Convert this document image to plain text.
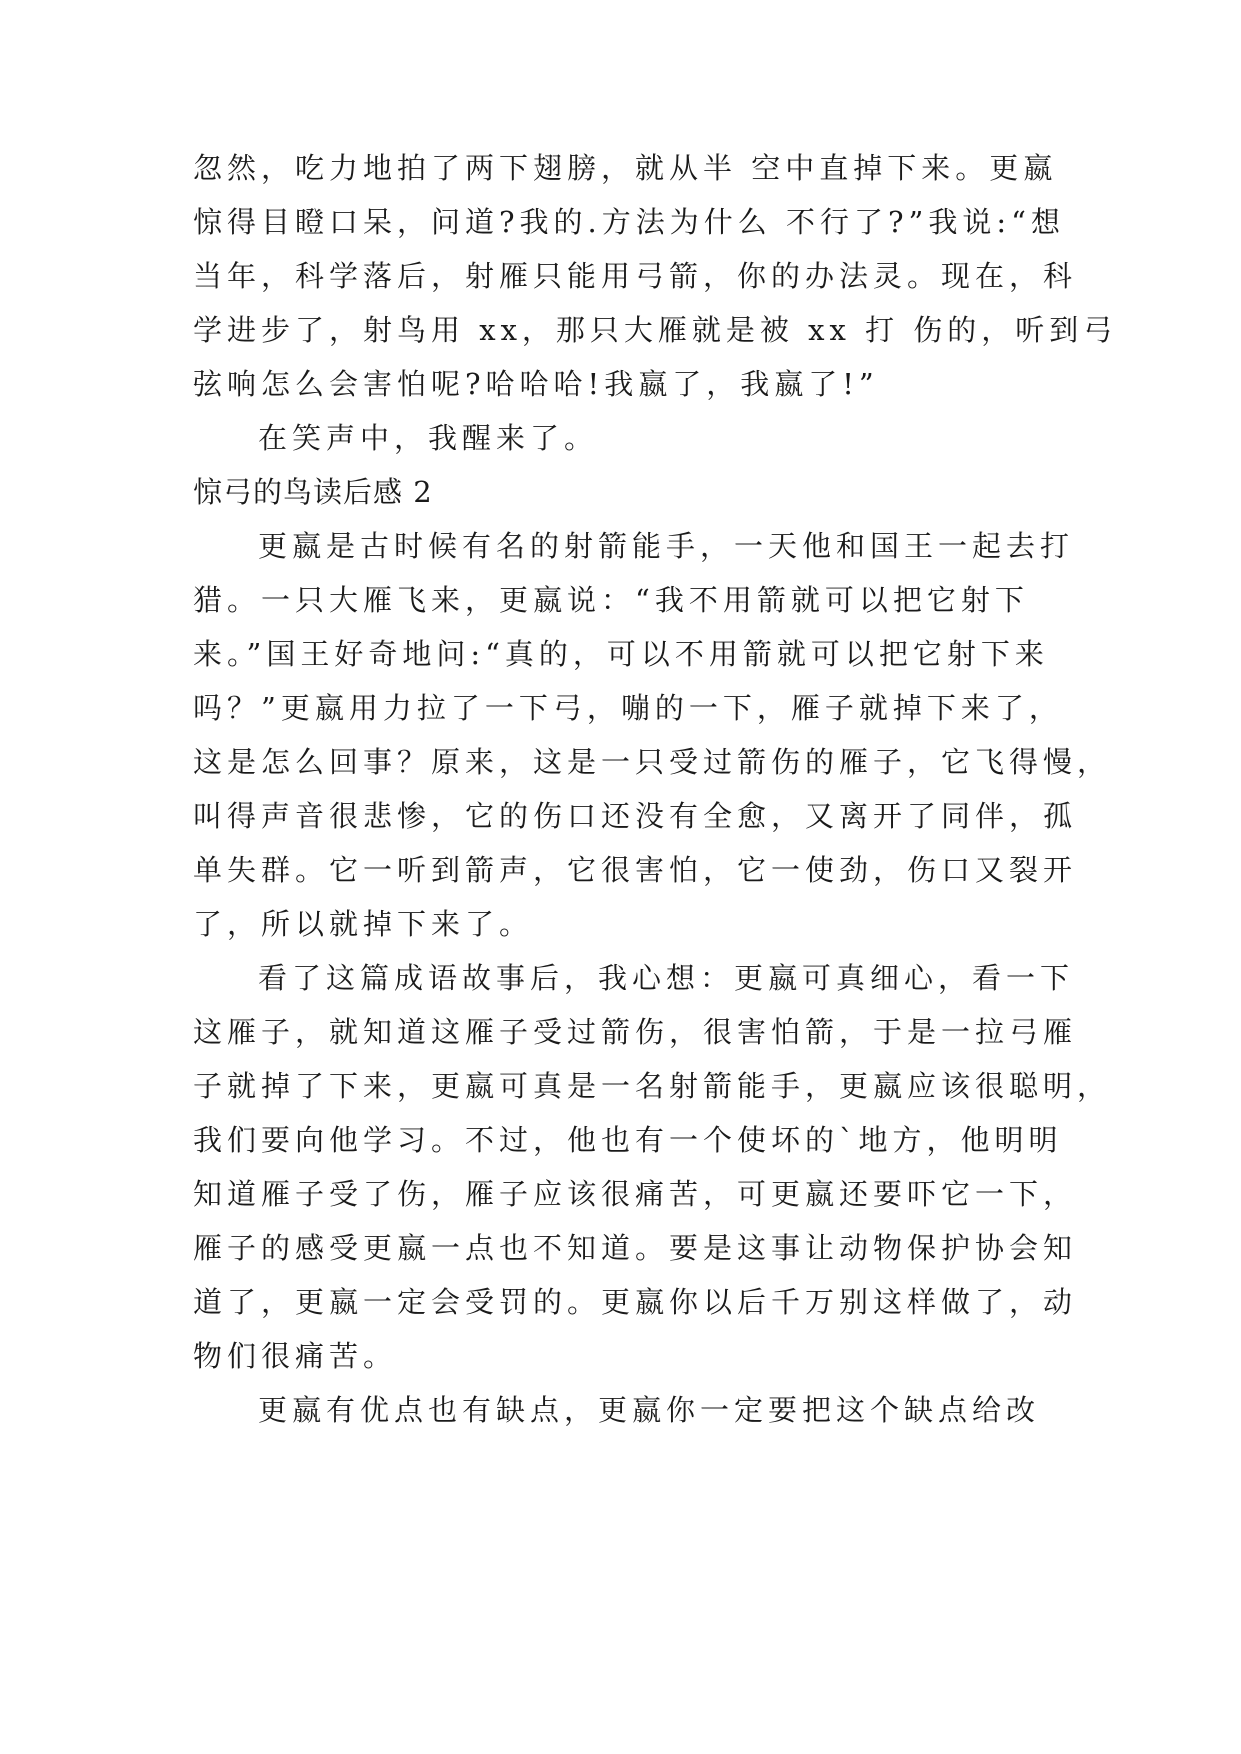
忽然，吃力地拍了两下翅膀，就从半 空中直掉下来。更嬴

惊得目瞪口呆，问道?我的.方法为什么 不行了?”我说:“想

当年，科学落后，射雁只能用弓箭，你的办法灵。现在，科

学进步了，射鸟用 xx，那只大雁就是被 xx 打 伤的，听到弓

弦响怎么会害怕呢?哈哈哈!我嬴了，我嬴了!”

在笑声中，我醒来了。

惊弓的鸟读后感 2

更嬴是古时候有名的射箭能手，一天他和国王一起去打

猎。一只大雁飞来，更嬴说：“我不用箭就可以把它射下

来。”国王好奇地问:“真的，可以不用箭就可以把它射下来

吗？”更嬴用力拉了一下弓，嘣的一下，雁子就掉下来了，

这是怎么回事？原来，这是一只受过箭伤的雁子，它飞得慢，

叫得声音很悲惨，它的伤口还没有全愈，又离开了同伴，孤

单失群。它一听到箭声，它很害怕，它一使劲，伤口又裂开

了，所以就掉下来了。

看了这篇成语故事后，我心想：更嬴可真细心，看一下

这雁子，就知道这雁子受过箭伤，很害怕箭，于是一拉弓雁

子就掉了下来，更嬴可真是一名射箭能手，更嬴应该很聪明，

我们要向他学习。不过，他也有一个使坏的`地方，他明明

知道雁子受了伤，雁子应该很痛苦，可更嬴还要吓它一下，

雁子的感受更嬴一点也不知道。要是这事让动物保护协会知

道了，更嬴一定会受罚的。更嬴你以后千万别这样做了，动

物们很痛苦。

更嬴有优点也有缺点，更嬴你一定要把这个缺点给改
